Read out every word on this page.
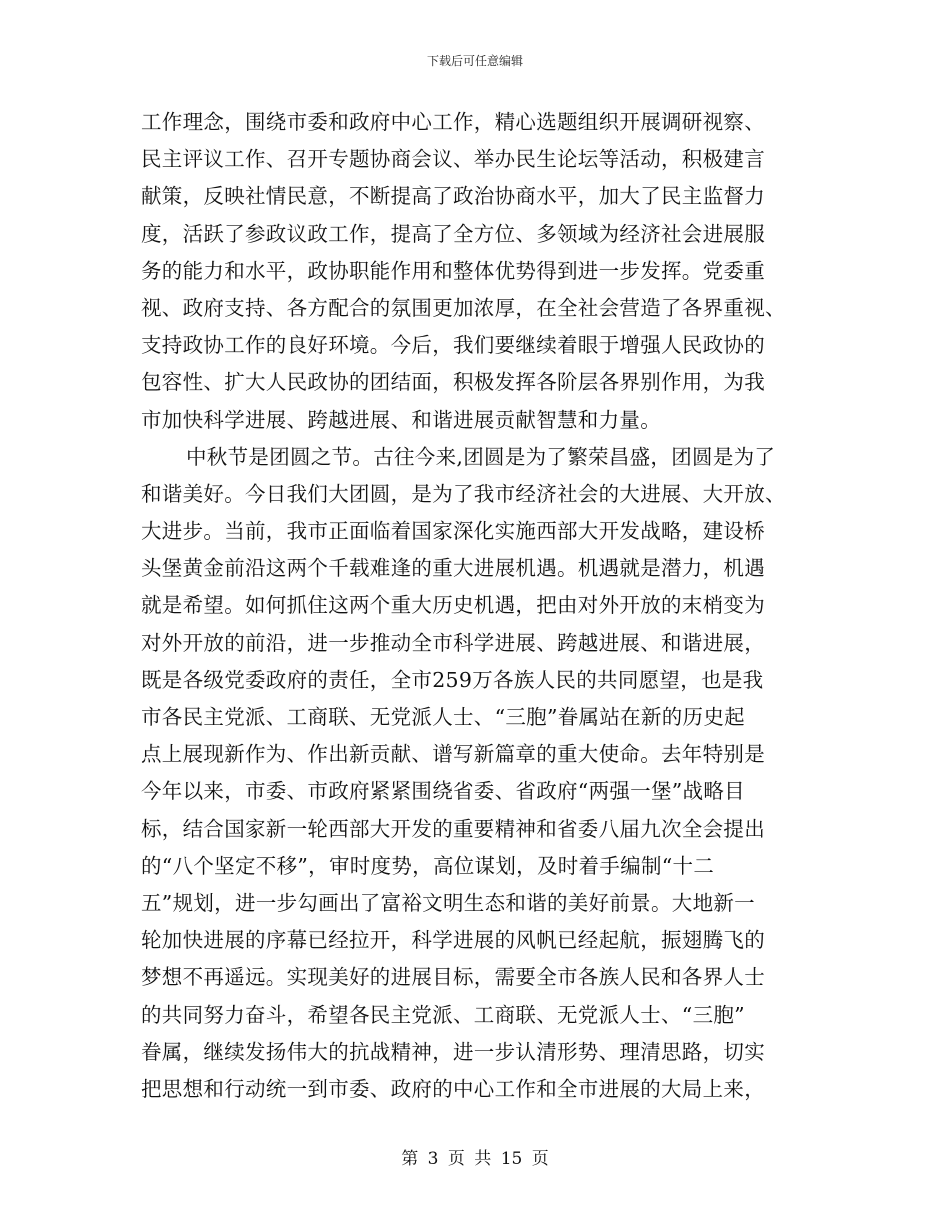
下载后可任意编辑
工作理念，围绕市委和政府中心工作，精心选题组织开展调研视察、
民主评议工作、召开专题协商会议、举办民生论坛等活动，积极建言
献策，反映社情民意，不断提高了政治协商水平，加大了民主监督力
度，活跃了参政议政工作，提高了全方位、多领域为经济社会进展服
务的能力和水平，政协职能作用和整体优势得到进一步发挥。党委重
视、政府支持、各方配合的氛围更加浓厚，在全社会营造了各界重视、
支持政协工作的良好环境。今后，我们要继续着眼于增强人民政协的
包容性、扩大人民政协的团结面，积极发挥各阶层各界别作用，为我
市加快科学进展、跨越进展、和谐进展贡献智慧和力量。
中秋节是团圆之节。古往今来,团圆是为了繁荣昌盛，团圆是为了
和谐美好。今日我们大团圆，是为了我市经济社会的大进展、大开放、
大进步。当前，我市正面临着国家深化实施西部大开发战略，建设桥
头堡黄金前沿这两个千载难逢的重大进展机遇。机遇就是潜力，机遇
就是希望。如何抓住这两个重大历史机遇，把由对外开放的末梢变为
对外开放的前沿，进一步推动全市科学进展、跨越进展、和谐进展，
既是各级党委政府的责任，全市259万各族人民的共同愿望，也是我
市各民主党派、工商联、无党派人士、“三胞”眷属站在新的历史起
点上展现新作为、作出新贡献、谱写新篇章的重大使命。去年特别是
今年以来，市委、市政府紧紧围绕省委、省政府“两强一堡”战略目
标，结合国家新一轮西部大开发的重要精神和省委八届九次全会提出
的“八个坚定不移”，审时度势，高位谋划，及时着手编制“十二
五”规划，进一步勾画出了富裕文明生态和谐的美好前景。大地新一
轮加快进展的序幕已经拉开，科学进展的风帆已经起航，振翅腾飞的
梦想不再遥远。实现美好的进展目标，需要全市各族人民和各界人士
的共同努力奋斗，希望各民主党派、工商联、无党派人士、“三胞”
眷属，继续发扬伟大的抗战精神，进一步认清形势、理清思路，切实
把思想和行动统一到市委、政府的中心工作和全市进展的大局上来，
第 3 页 共 15 页
